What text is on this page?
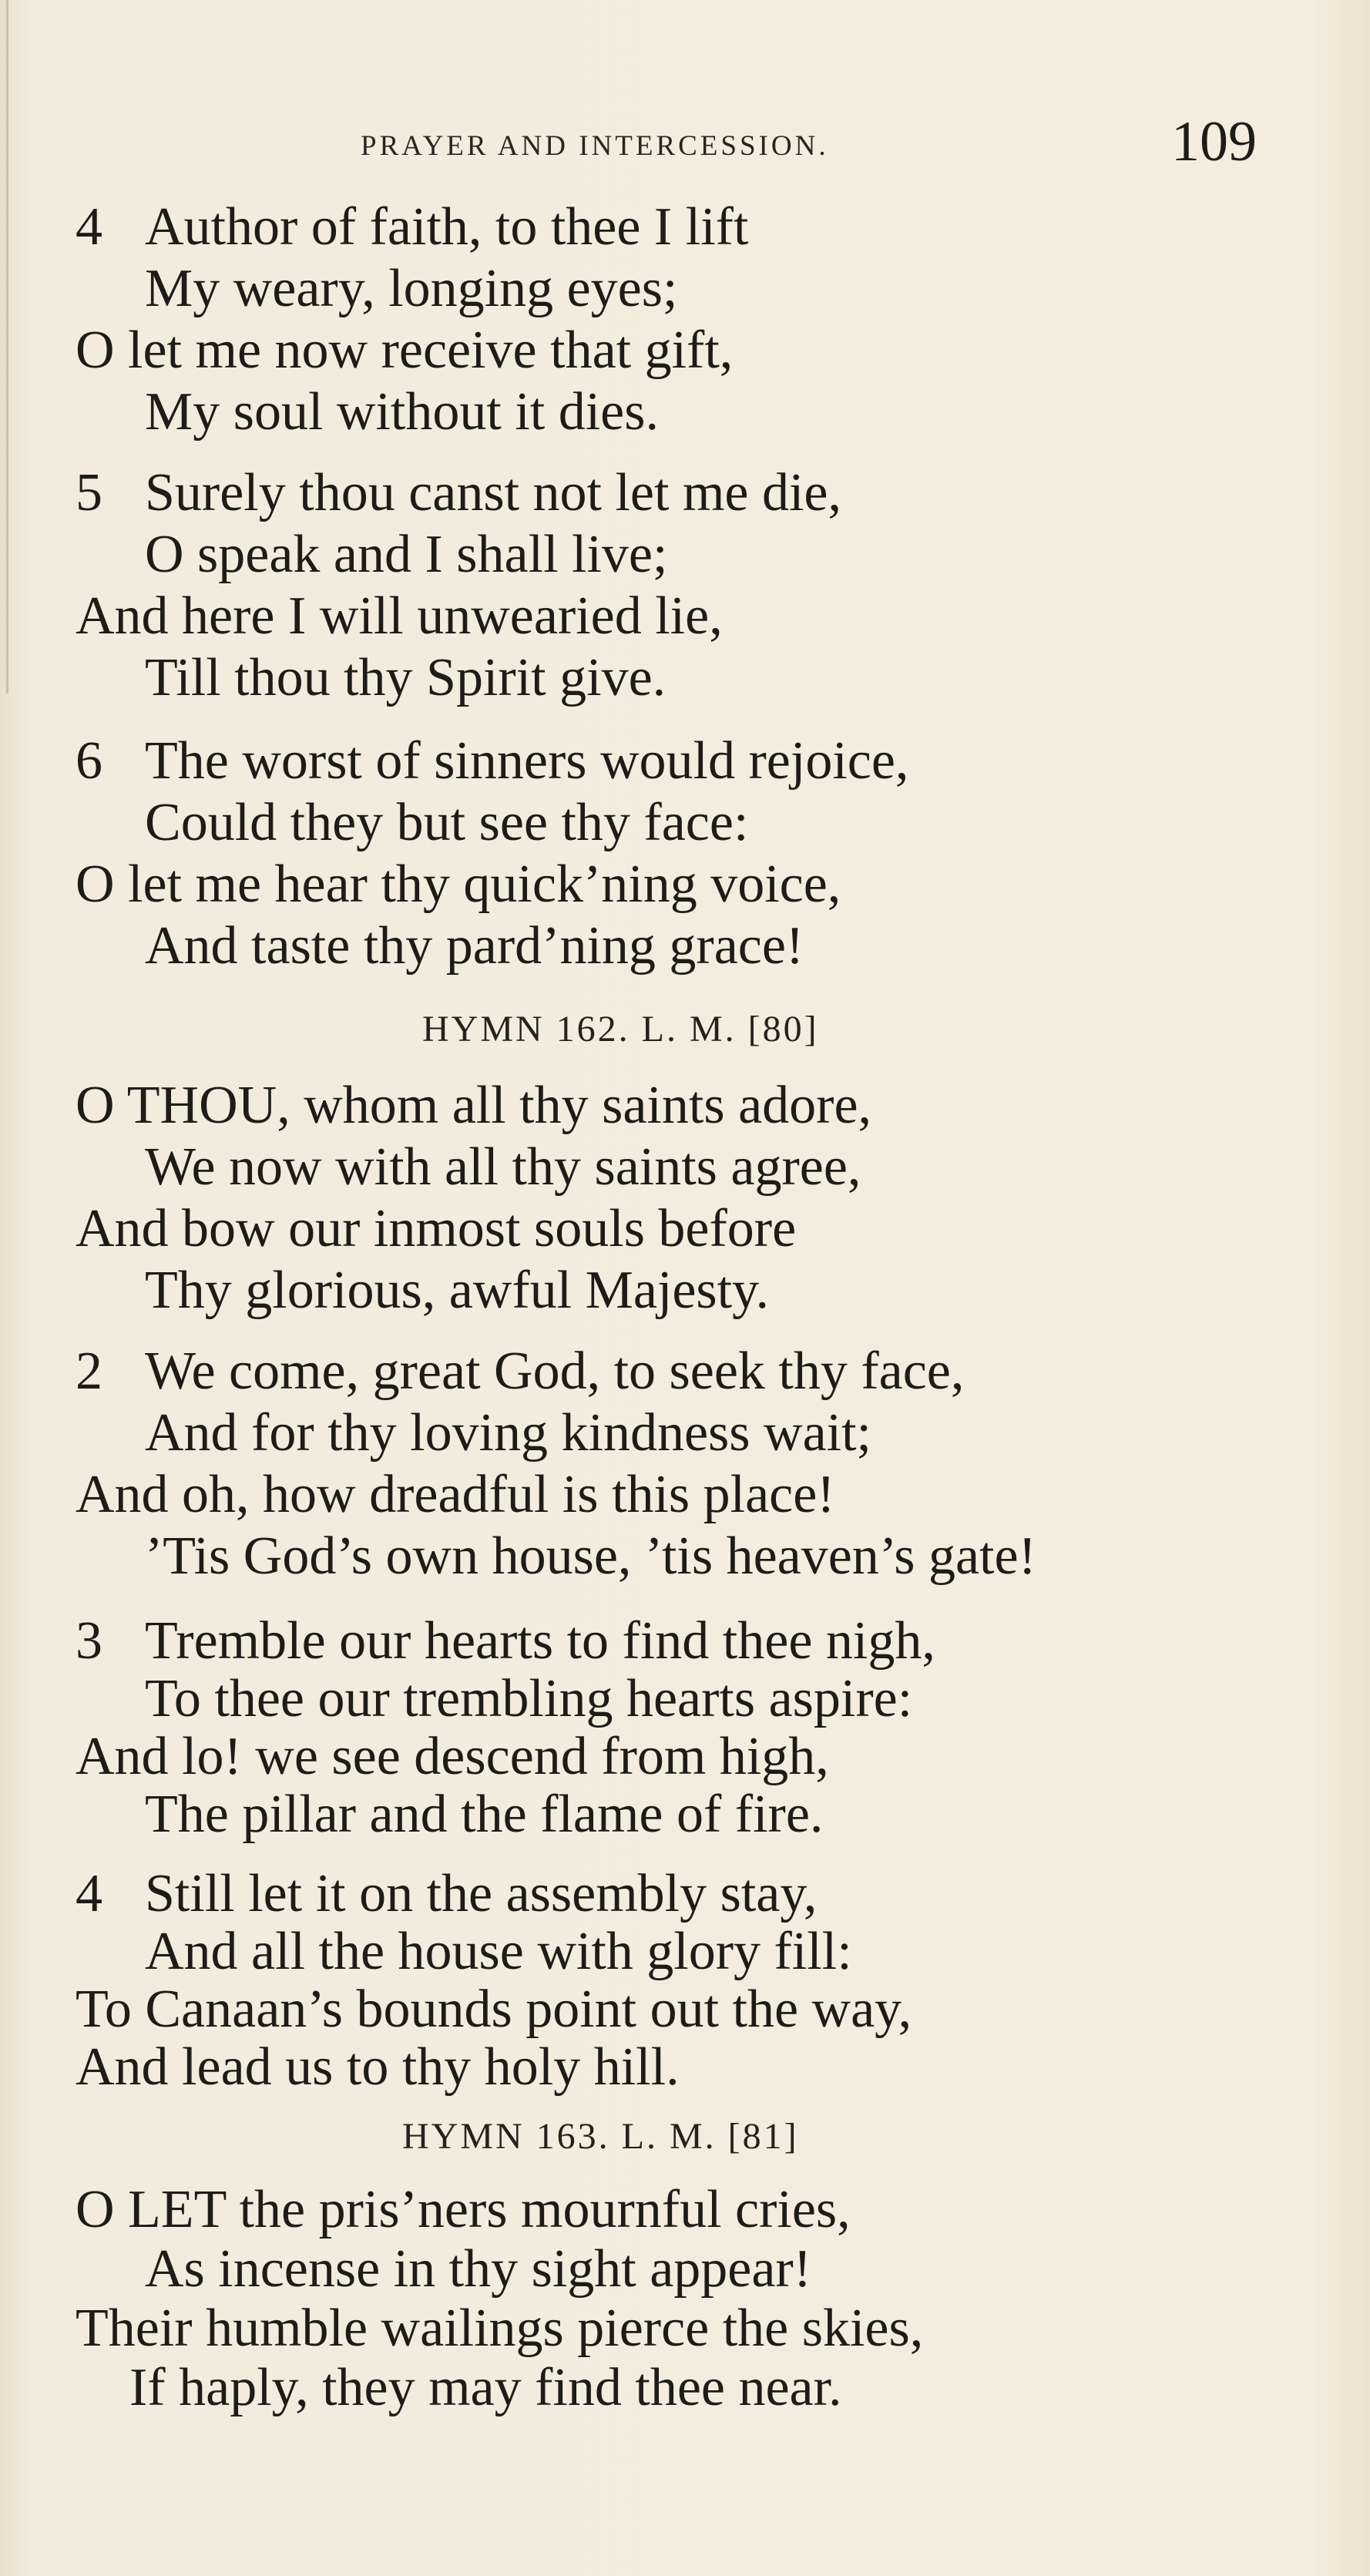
PRAYER AND INTERCESSION.	109
4 Author of faith, to thee I lift
My weary, longing eyes;
O let me now receive that gift,
My soul without it dies.
5 Surely thou canst not let me die,
O speak and I shall live;
And here I will unwearied lie,
Till thou thy Spirit give.
6 The worst of sinners would rejoice,
Could they but see thy face:
O let me hear thy quick’ning voice,
And taste thy pard’ning grace!
HYMN 162. L. M. [80]
O THOU, whom all thy saints adore,
We now with all thy saints agree,
And bow our inmost souls before
Thy glorious, awful Majesty.
2 We come, great God, to seek thy face,
And for thy loving kindness wait;
And oh, how dreadful is this place!
’Tis God’s own house, ’tis heaven’s gate!
3 Tremble our hearts to find thee nigh,
To thee our trembling hearts aspire:
And lo! we see descend from high,
The pillar and the flame of fire.
4 Still let it on the assembly stay,
And all the house with glory fill:
To Canaan’s bounds point out the way,
And lead us to thy holy hill.
HYMN 163. L. M. [81]
O LET the pris’ners mournful cries,
As incense in thy sight appear!
Their humble wailings pierce the skies,
If haply, they may find thee near.
